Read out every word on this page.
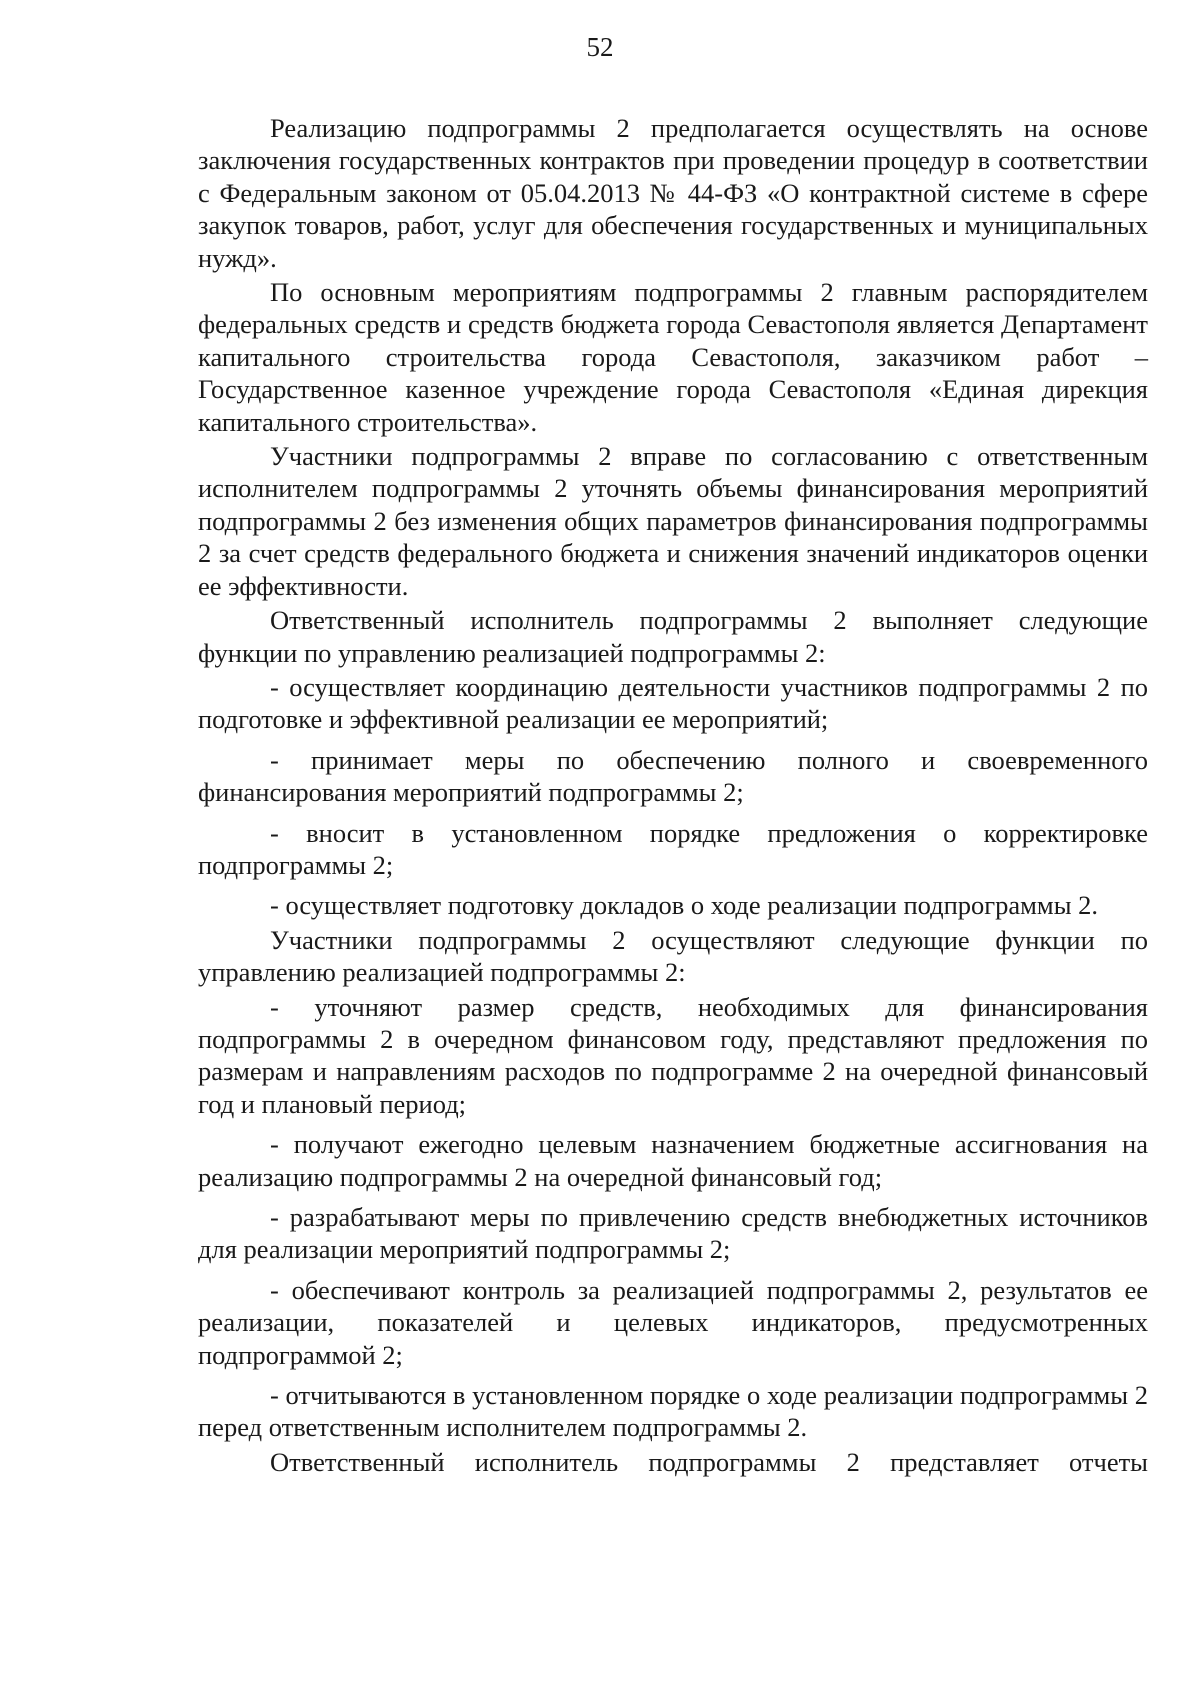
52

Реализацию подпрограммы 2 предполагается осуществлять на основе заключения государственных контрактов при проведении процедур в соответствии с Федеральным законом от 05.04.2013 № 44-ФЗ «О контрактной системе в сфере закупок товаров, работ, услуг для обеспечения государственных и муниципальных нужд».

По основным мероприятиям подпрограммы 2 главным распорядителем федеральных средств и средств бюджета города Севастополя является Департамент капитального строительства города Севастополя, заказчиком работ – Государственное казенное учреждение города Севастополя «Единая дирекция капитального строительства».

Участники подпрограммы 2 вправе по согласованию с ответственным исполнителем подпрограммы 2 уточнять объемы финансирования мероприятий подпрограммы 2 без изменения общих параметров финансирования подпрограммы 2 за счет средств федерального бюджета и снижения значений индикаторов оценки ее эффективности.

Ответственный исполнитель подпрограммы 2 выполняет следующие функции по управлению реализацией подпрограммы 2:

- осуществляет координацию деятельности участников подпрограммы 2 по подготовке и эффективной реализации ее мероприятий;

- принимает меры по обеспечению полного и своевременного финансирования мероприятий подпрограммы 2;

- вносит в установленном порядке предложения о корректировке подпрограммы 2;

- осуществляет подготовку докладов о ходе реализации подпрограммы 2.

Участники подпрограммы 2 осуществляют следующие функции по управлению реализацией подпрограммы 2:

- уточняют размер средств, необходимых для финансирования подпрограммы 2 в очередном финансовом году, представляют предложения по размерам и направлениям расходов по подпрограмме 2 на очередной финансовый год и плановый период;

- получают ежегодно целевым назначением бюджетные ассигнования на реализацию подпрограммы 2 на очередной финансовый год;

- разрабатывают меры по привлечению средств внебюджетных источников для реализации мероприятий подпрограммы 2;

- обеспечивают контроль за реализацией подпрограммы 2, результатов ее реализации, показателей и целевых индикаторов, предусмотренных подпрограммой 2;

- отчитываются в установленном порядке о ходе реализации подпрограммы 2 перед ответственным исполнителем подпрограммы 2.

Ответственный исполнитель подпрограммы 2 представляет отчеты
